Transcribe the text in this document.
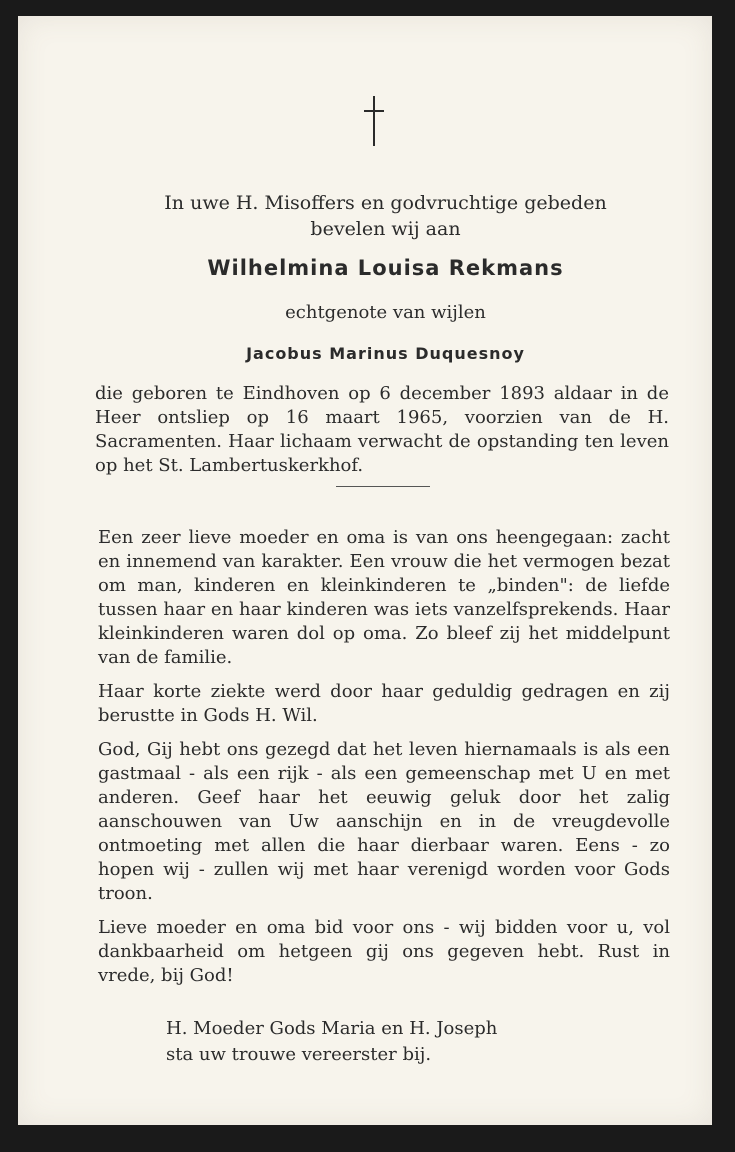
In uwe H. Misoffers en godvruchtige gebeden
bevelen wij aan
Wilhelmina Louisa Rekmans
echtgenote van wijlen
Jacobus Marinus Duquesnoy
die geboren te Eindhoven op 6 december 1893 aldaar in de Heer ontsliep op 16 maart 1965, voorzien van de H. Sacramenten. Haar lichaam verwacht de opstanding ten leven op het St. Lambertuskerkhof.

Een zeer lieve moeder en oma is van ons heengegaan: zacht en innemend van karakter. Een vrouw die het vermogen bezat om man, kinderen en kleinkinderen te „binden": de liefde tussen haar en haar kinderen was iets vanzelfsprekends. Haar kleinkinderen waren dol op oma. Zo bleef zij het middelpunt van de familie.

Haar korte ziekte werd door haar geduldig gedragen en zij berustte in Gods H. Wil.

God, Gij hebt ons gezegd dat het leven hiernamaals is als een gastmaal - als een rijk - als een gemeenschap met U en met anderen. Geef haar het eeuwig geluk door het zalig aanschouwen van Uw aanschijn en in de vreugdevolle ontmoeting met allen die haar dierbaar waren. Eens - zo hopen wij - zullen wij met haar verenigd worden voor Gods troon.

Lieve moeder en oma bid voor ons - wij bidden voor u, vol dankbaarheid om hetgeen gij ons gegeven hebt. Rust in vrede, bij God!

H. Moeder Gods Maria en H. Joseph
sta uw trouwe vereerster bij.
